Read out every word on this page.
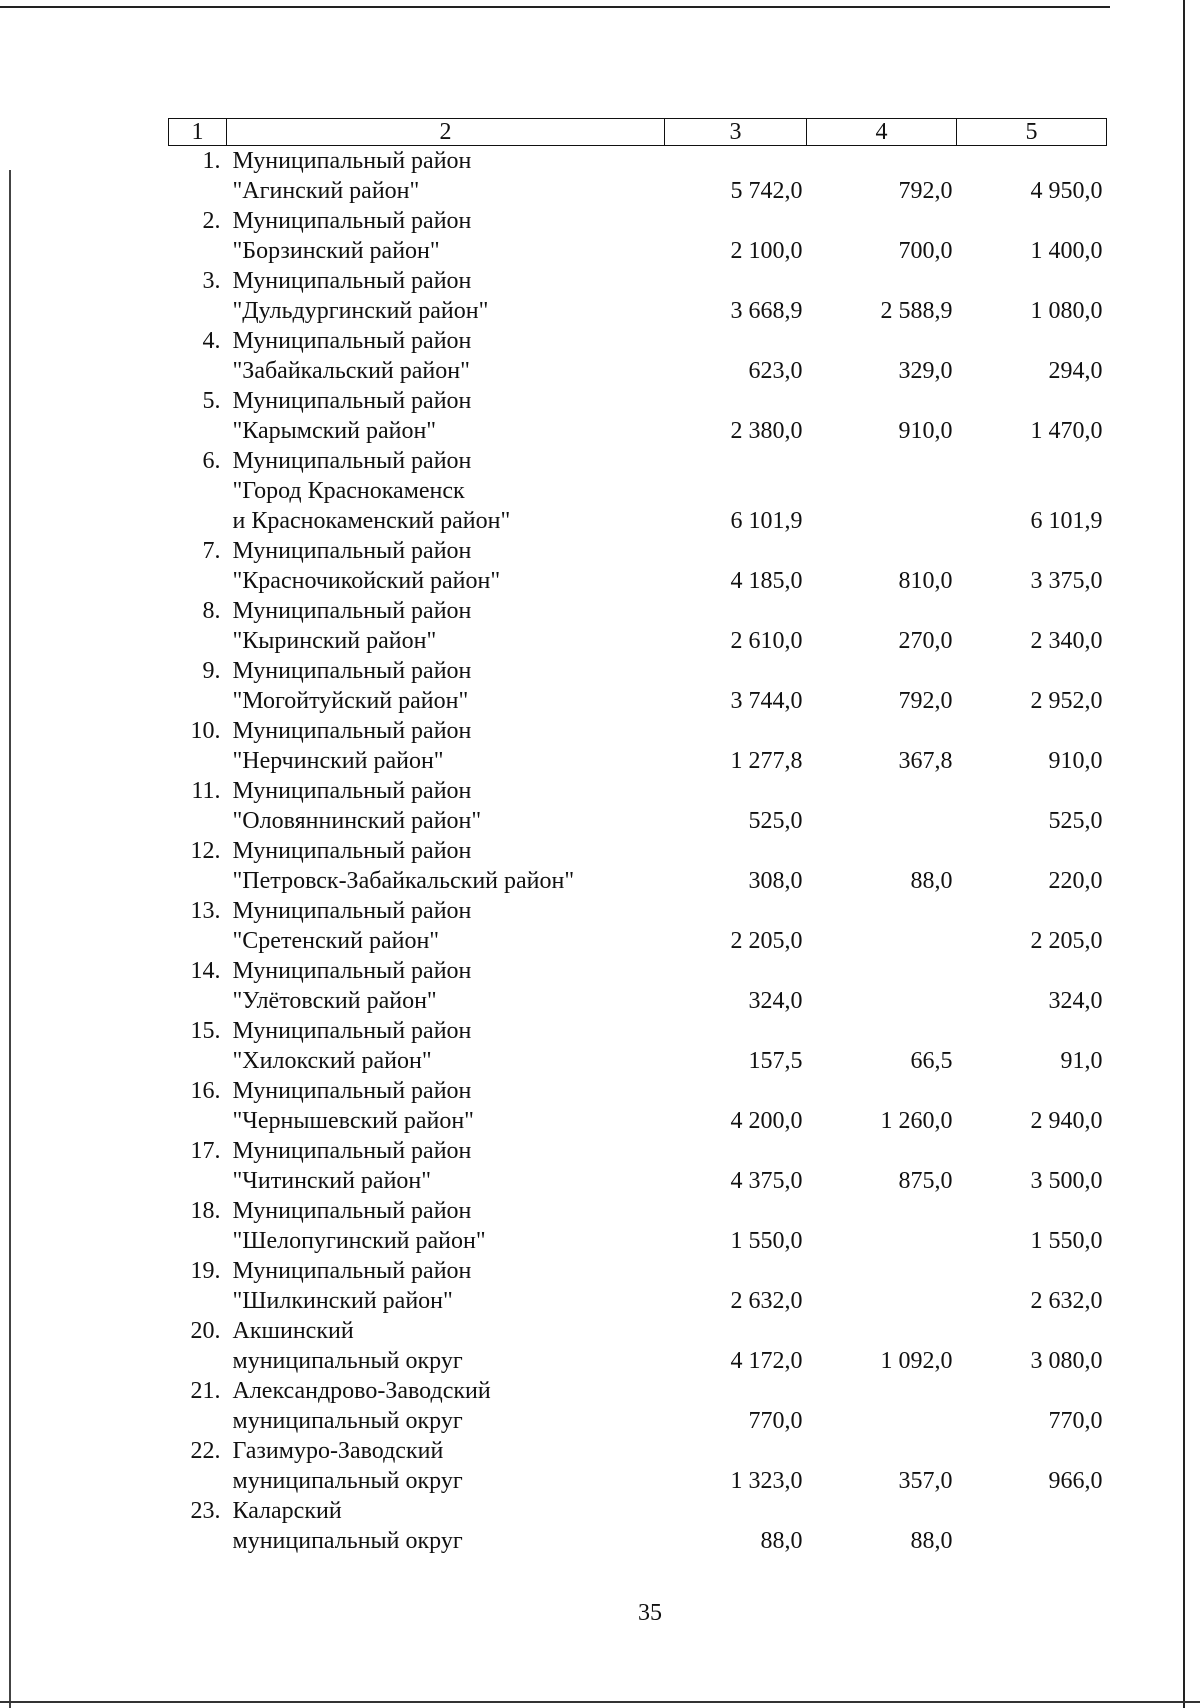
1	2	3	4	5
1.	Муниципальный район
"Агинский район"	5 742,0	792,0	4 950,0
2.	Муниципальный район
"Борзинский район"	2 100,0	700,0	1 400,0
3.	Муниципальный район
"Дульдургинский район"	3 668,9	2 588,9	1 080,0
4.	Муниципальный район
"Забайкальский район"	623,0	329,0	294,0
5.	Муниципальный район
"Карымский район"	2 380,0	910,0	1 470,0
6.	Муниципальный район
"Город Краснокаменск
и Краснокаменский район"	6 101,9		6 101,9
7.	Муниципальный район
"Красночикойский район"	4 185,0	810,0	3 375,0
8.	Муниципальный район
"Кыринский район"	2 610,0	270,0	2 340,0
9.	Муниципальный район
"Могойтуйский район"	3 744,0	792,0	2 952,0
10.	Муниципальный район
"Нерчинский район"	1 277,8	367,8	910,0
11.	Муниципальный район
"Оловяннинский район"	525,0		525,0
12.	Муниципальный район
"Петровск-Забайкальский район"	308,0	88,0	220,0
13.	Муниципальный район
"Сретенский район"	2 205,0		2 205,0
14.	Муниципальный район
"Улётовский район"	324,0		324,0
15.	Муниципальный район
"Хилокский район"	157,5	66,5	91,0
16.	Муниципальный район
"Чернышевский район"	4 200,0	1 260,0	2 940,0
17.	Муниципальный район
"Читинский район"	4 375,0	875,0	3 500,0
18.	Муниципальный район
"Шелопугинский район"	1 550,0		1 550,0
19.	Муниципальный район
"Шилкинский район"	2 632,0		2 632,0
20.	Акшинский
муниципальный округ	4 172,0	1 092,0	3 080,0
21.	Александрово-Заводский
муниципальный округ	770,0		770,0
22.	Газимуро-Заводский
муниципальный округ	1 323,0	357,0	966,0
23.	Каларский
муниципальный округ	88,0	88,0	
35
